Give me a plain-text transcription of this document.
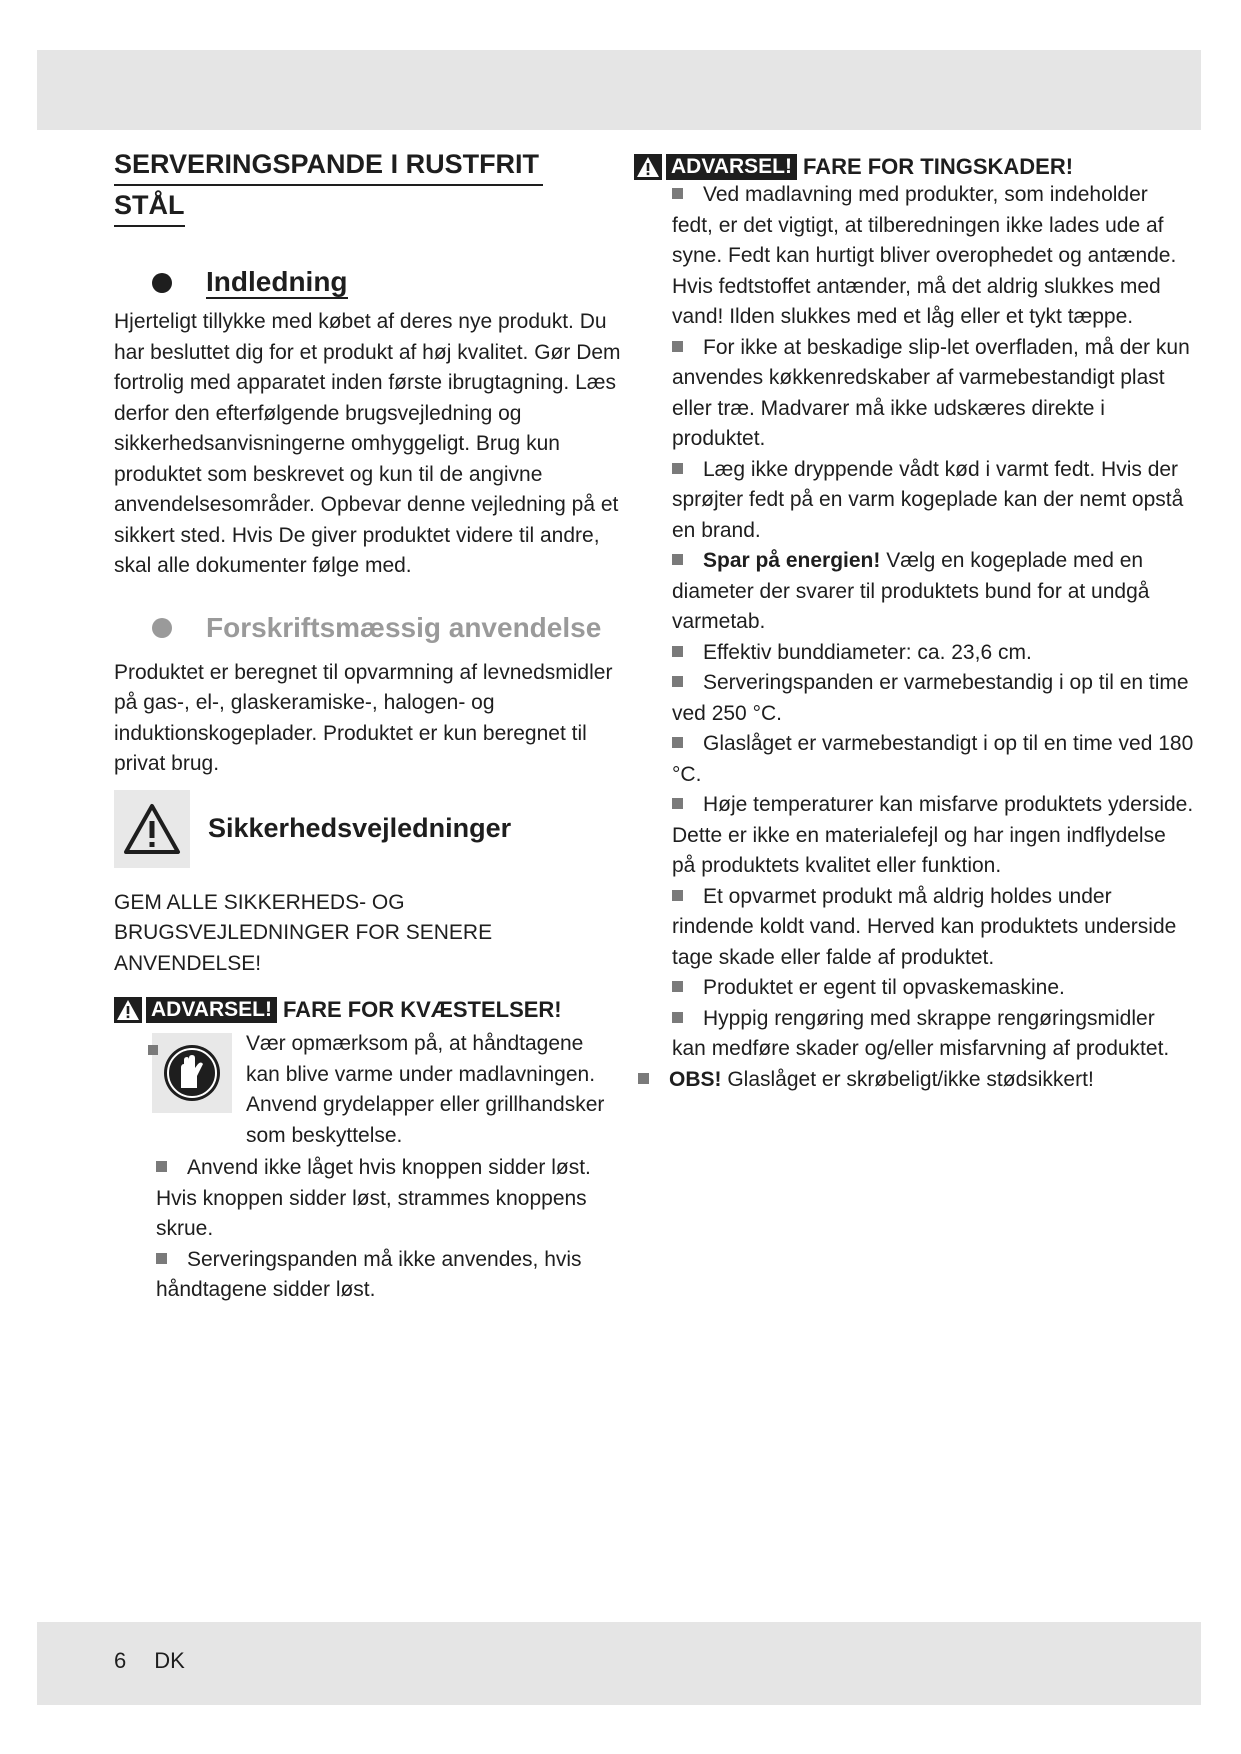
SERVERINGSPANDE I RUSTFRIT
STÅL
Indledning

Hjerteligt tillykke med købet af deres nye produkt. Du har besluttet dig for et produkt af høj kvalitet. Gør Dem fortrolig med apparatet inden første ibrugtagning. Læs derfor den efterfølgende brugsvejledning og sikkerhedsanvisningerne omhyggeligt. Brug kun produktet som beskrevet og kun til de angivne anvendelsesområder. Opbevar denne vejledning på et sikkert sted. Hvis De giver produktet videre til andre, skal alle dokumenter følge med.

Forskriftsmæssig anvendelse

Produktet er beregnet til opvarmning af levnedsmidler på gas-, el-, glaskeramiske-, halogen- og induktionskogeplader. Produktet er kun beregnet til privat brug.

Sikkerhedsvejledninger
GEM ALLE SIKKERHEDS- OG BRUGSVEJLEDNINGER FOR SENERE ANVENDELSE!
ADVARSEL! FARE FOR KVÆSTELSER!
Vær opmærksom på, at håndtagene kan blive varme under madlavningen. Anvend grydelapper eller grillhandsker som beskyttelse.
Anvend ikke låget hvis knoppen sidder løst. Hvis knoppen sidder løst, strammes knoppens skrue.
Serveringspanden må ikke anvendes, hvis håndtagene sidder løst.
ADVARSEL! FARE FOR TINGSKADER!
Ved madlavning med produkter, som indeholder fedt, er det vigtigt, at tilberedningen ikke lades ude af syne. Fedt kan hurtigt bliver overophedet og antænde. Hvis fedtstoffet antænder, må det aldrig slukkes med vand! Ilden slukkes med et låg eller et tykt tæppe.
For ikke at beskadige slip-let overfladen, må der kun anvendes køkkenredskaber af varmebestandigt plast eller træ. Madvarer må ikke udskæres direkte i produktet.
Læg ikke dryppende vådt kød i varmt fedt. Hvis der sprøjter fedt på en varm kogeplade kan der nemt opstå en brand.
Spar på energien! Vælg en kogeplade med en diameter der svarer til produktets bund for at undgå varmetab.
Effektiv bunddiameter: ca. 23,6 cm.
Serveringspanden er varmebestandig i op til en time ved 250 °C.
Glaslåget er varmebestandigt i op til en time ved 180 °C.
Høje temperaturer kan misfarve produktets yderside. Dette er ikke en materialefejl og har ingen indflydelse på produktets kvalitet eller funktion.
Et opvarmet produkt må aldrig holdes under rindende koldt vand. Herved kan produktets underside tage skade eller falde af produktet.
Produktet er egent til opvaskemaskine.
Hyppig rengøring med skrappe rengøringsmidler kan medføre skader og/eller misfarvning af produktet.
OBS! Glaslåget er skrøbeligt/ikke stødsikkert!
6 DK
